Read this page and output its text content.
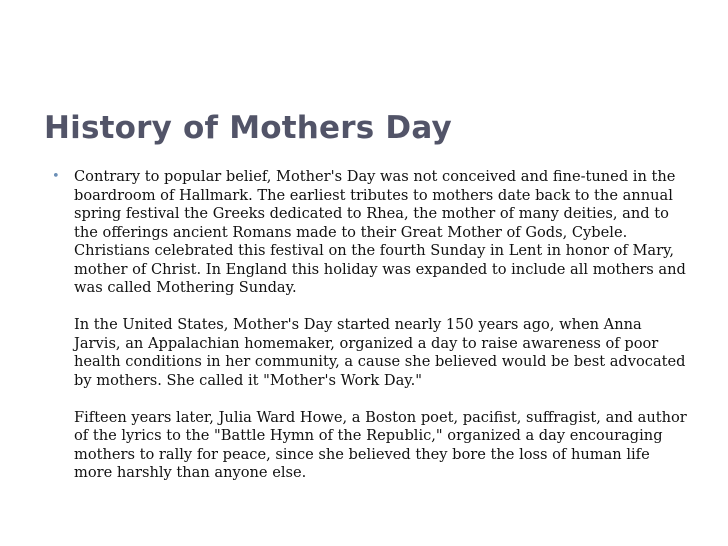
History of Mothers Day
• Contrary to popular belief, Mother's Day was not conceived and fine-tuned in the boardroom of Hallmark. The earliest tributes to mothers date back to the annual spring festival the Greeks dedicated to Rhea, the mother of many deities, and to the offerings ancient Romans made to their Great Mother of Gods, Cybele. Christians celebrated this festival on the fourth Sunday in Lent in honor of Mary, mother of Christ. In England this holiday was expanded to include all mothers and was called Mothering Sunday.

In the United States, Mother's Day started nearly 150 years ago, when Anna Jarvis, an Appalachian homemaker, organized a day to raise awareness of poor health conditions in her community, a cause she believed would be best advocated by mothers. She called it "Mother's Work Day."

Fifteen years later, Julia Ward Howe, a Boston poet, pacifist, suffragist, and author of the lyrics to the "Battle Hymn of the Republic," organized a day encouraging mothers to rally for peace, since she believed they bore the loss of human life more harshly than anyone else.
